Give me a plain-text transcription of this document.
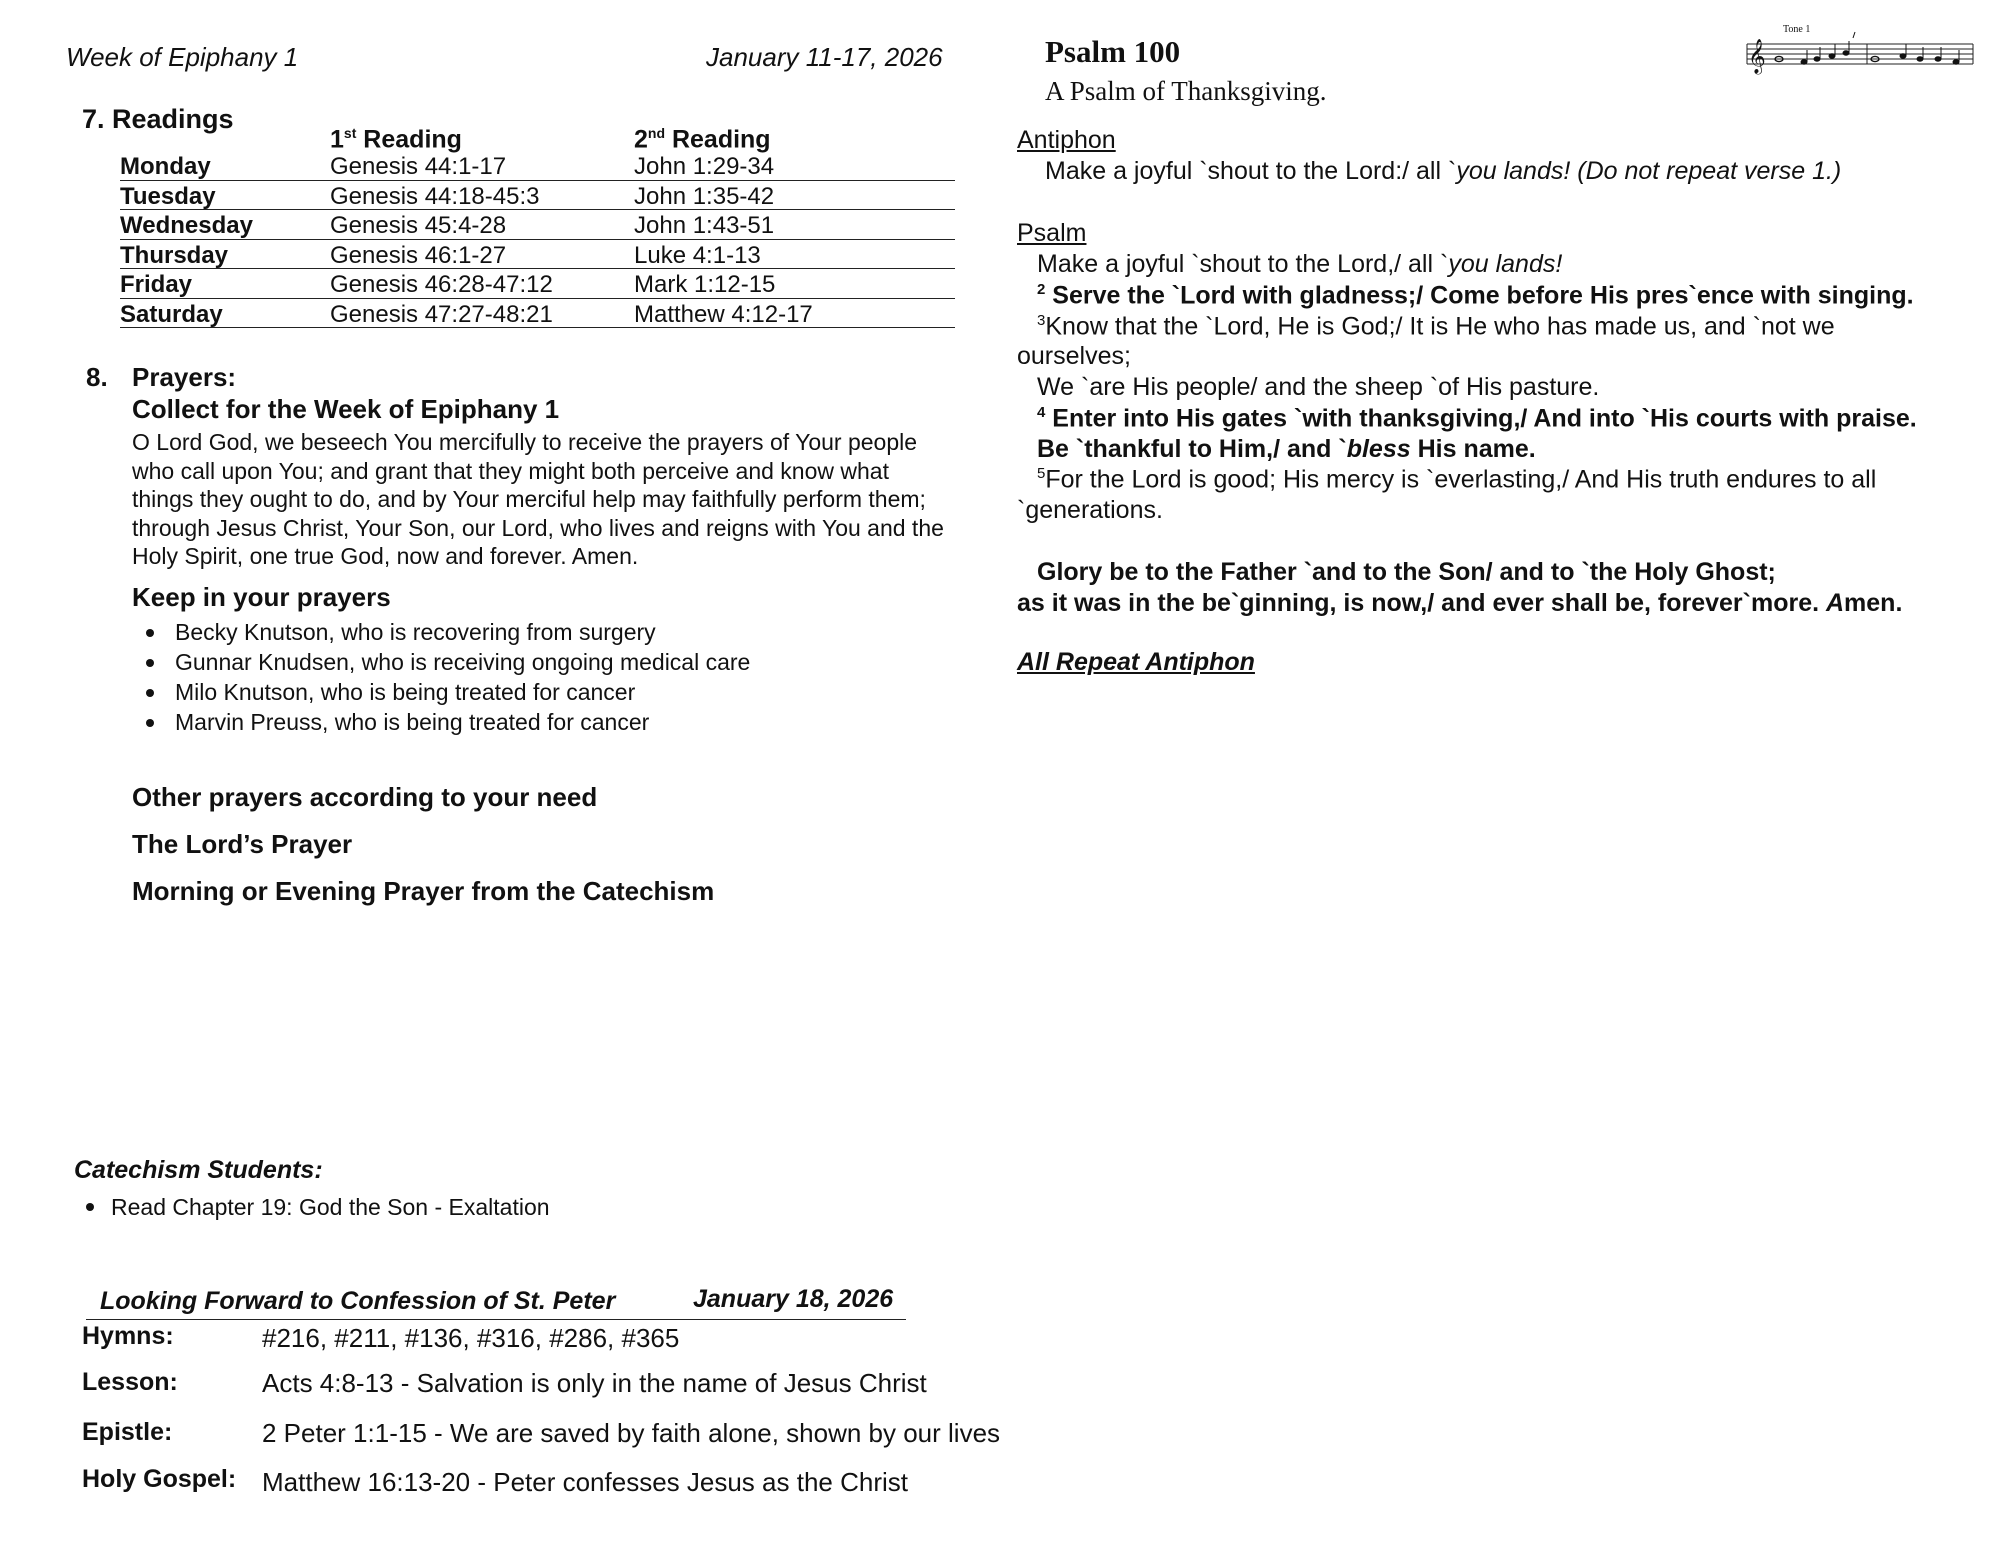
Week of Epiphany 1	January 11-17, 2026
7. Readings
1st Reading	2nd Reading
Monday	Genesis 44:1-17	John 1:29-34
Tuesday	Genesis 44:18-45:3	John 1:35-42
Wednesday	Genesis 45:4-28	John 1:43-51
Thursday	Genesis 46:1-27	Luke 4:1-13
Friday	Genesis 46:28-47:12	Mark 1:12-15
Saturday	Genesis 47:27-48:21	Matthew 4:12-17
8. Prayers:
Collect for the Week of Epiphany 1
O Lord God, we beseech You mercifully to receive the prayers of Your people
who call upon You; and grant that they might both perceive and know what
things they ought to do, and by Your merciful help may faithfully perform them;
through Jesus Christ, Your Son, our Lord, who lives and reigns with You and the
Holy Spirit, one true God, now and forever. Amen.
Keep in your prayers
Becky Knutson, who is recovering from surgery
Gunnar Knudsen, who is receiving ongoing medical care
Milo Knutson, who is being treated for cancer
Marvin Preuss, who is being treated for cancer
Other prayers according to your need
The Lord’s Prayer
Morning or Evening Prayer from the Catechism
Catechism Students:
Read Chapter 19: God the Son - Exaltation
Looking Forward to Confession of St. Peter	January 18, 2026
Hymns:	#216, #211, #136, #316, #286, #365
Lesson:	Acts 4:8-13 - Salvation is only in the name of Jesus Christ
Epistle:	2 Peter 1:1-15 - We are saved by faith alone, shown by our lives
Holy Gospel: Matthew 16:13-20 - Peter confesses Jesus as the Christ
Psalm 100
A Psalm of Thanksgiving.
Tone 1
𝄞
Antiphon
Make a joyful `shout to the Lord:/ all `you lands! (Do not repeat verse 1.)
Psalm
Make a joyful `shout to the Lord,/ all `you lands!
$^2$ Serve the `Lord with gladness;/ Come before His pres`ence with singing.
$^3$Know that the `Lord, He is God;/ It is He who has made us, and `not we
ourselves;
We `are His people/ and the sheep `of His pasture.
$^4$ Enter into His gates `with thanksgiving,/ And into `His courts with praise.
Be `thankful to Him,/ and `bless His name.
$^5$For the Lord is good; His mercy is `everlasting,/ And His truth endures to all
`generations.
Glory be to the Father `and to the Son/ and to `the Holy Ghost;
as it was in the be`ginning, is now,/ and ever shall be, forever`more. Amen.
All Repeat Antiphon
